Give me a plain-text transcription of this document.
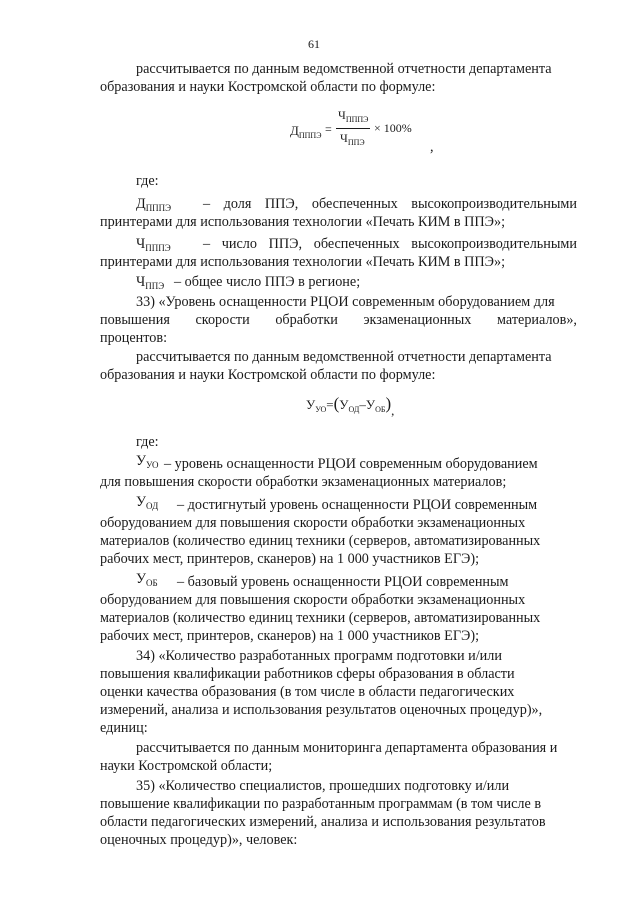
61
рассчитывается по данным ведомственной отчетности департамента
образования и науки Костромской области по формуле:
$Д_{ПППЭ}$ =
$Ч_{ПППЭ}$
$Ч_{ППЭ}$
× 100%
,
где:
$Д_{ПППЭ}$ – доля ППЭ, обеспеченных высокопроизводительными
принтерами для использования технологии «Печать КИМ в ППЭ»;
$Ч_{ПППЭ}$ – число ППЭ, обеспеченных высокопроизводительными
принтерами для использования технологии «Печать КИМ в ППЭ»;
$Ч_{ППЭ}$ – общее число ППЭ в регионе;
33) «Уровень оснащенности РЦОИ современным оборудованием для
повышения скорости обработки экзаменационных материалов»,
процентов:
рассчитывается по данным ведомственной отчетности департамента
образования и науки Костромской области по формуле:
$У_{УО}=(У_{ОД}-У_{ОБ})$,
где:
$У_{УО}$ – уровень оснащенности РЦОИ современным оборудованием
для повышения скорости обработки экзаменационных материалов;
$У_{ОД}$ – достигнутый уровень оснащенности РЦОИ современным
оборудованием для повышения скорости обработки экзаменационных
материалов (количество единиц техники (серверов, автоматизированных
рабочих мест, принтеров, сканеров) на 1 000 участников ЕГЭ);
$У_{ОБ}$ – базовый уровень оснащенности РЦОИ современным
оборудованием для повышения скорости обработки экзаменационных
материалов (количество единиц техники (серверов, автоматизированных
рабочих мест, принтеров, сканеров) на 1 000 участников ЕГЭ);
34) «Количество разработанных программ подготовки и/или
повышения квалификации работников сферы образования в области
оценки качества образования (в том числе в области педагогических
измерений, анализа и использования результатов оценочных процедур)»,
единиц:
рассчитывается по данным мониторинга департамента образования и
науки Костромской области;
35) «Количество специалистов, прошедших подготовку и/или
повышение квалификации по разработанным программам (в том числе в
области педагогических измерений, анализа и использования результатов
оценочных процедур)», человек:
